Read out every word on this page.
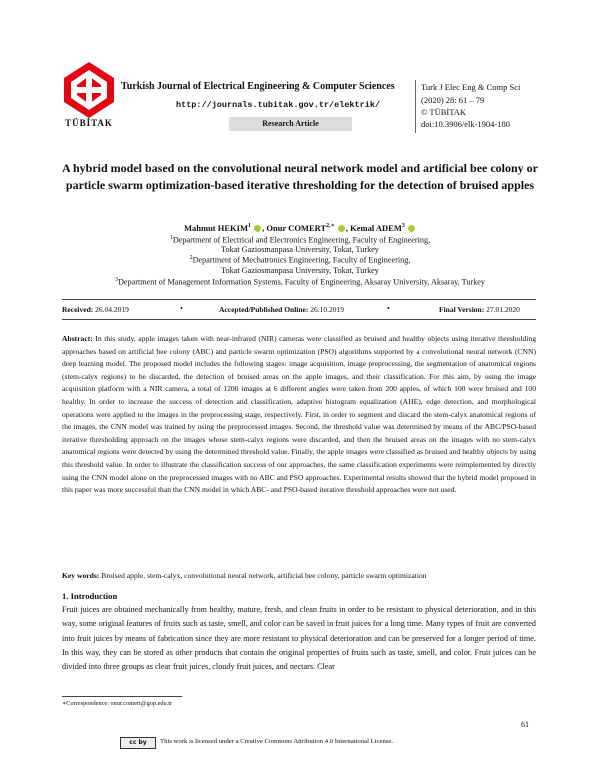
TÜBİTAK
Turkish Journal of Electrical Engineering & Computer Sciences
http://journals.tubitak.gov.tr/elektrik/
Research Article
Turk J Elec Eng & Comp Sci
(2020) 28: 61 – 79
© TÜBİTAK
doi:10.3906/elk-1904-180
A hybrid model based on the convolutional neural network model and artificial bee colony or particle swarm optimization-based iterative thresholding for the detection of bruised apples
Mahmut HEKIM$^1$ , Onur $COMERT^{2,∗}$ , Kemal ADEM$^3$
$^1$Department of Electrical and Electronics Engineering, Faculty of Engineering,
Tokat Gaziosmanpasa University, Tokat, Turkey
$^2$Department of Mechatronics Engineering, Faculty of Engineering,
Tokat Gaziosmanpasa University, Tokat, Turkey
$^3$Department of Management Information Systems, Faculty of Engineering, Aksaray University, Aksaray, Turkey
Received: 26.04.2019	•	Accepted/Published Online: 26.10.2019	•	Final Version: 27.01.2020
Abstract: In this study, apple images taken with near-infrared (NIR) cameras were classified as bruised and healthy objects using iterative thresholding approaches based on artificial bee colony (ABC) and particle swarm optimization (PSO) algorithms supported by a convolutional neural network (CNN) deep learning model. The proposed model includes the following stages: image acquisition, image preprocessing, the segmentation of anatomical regions (stem-calyx regions) to be discarded, the detection of bruised areas on the apple images, and their classification. For this aim, by using the image acquisition platform with a NIR camera, a total of 1200 images at 6 different angles were taken from 200 apples, of which 100 were bruised and 100 healthy. In order to increase the success of detection and classification, adaptive histogram equalization (AHE), edge detection, and morphological operations were applied to the images in the preprocessing stage, respectively. First, in order to segment and discard the stem-calyx anatomical regions of the images, the CNN model was trained by using the preprocessed images. Second, the threshold value was determined by means of the ABC/PSO-based iterative thresholding approach on the images whose stem-calyx regions were discarded, and then the bruised areas on the images with no stem-calyx anatomical regions were detected by using the determined threshold value. Finally, the apple images were classified as bruised and healthy objects by using this threshold value. In order to illustrate the classification success of our approaches, the same classification experiments were reimplemented by directly using the CNN model alone on the preprocessed images with no ABC and PSO approaches. Experimental results showed that the hybrid model proposed in this paper was more successful than the CNN model in which ABC- and PSO-based iterative threshold approaches were not used.
Key words: Bruised apple, stem-calyx, convolutional neural network, artificial bee colony, particle swarm optimization
1. Introduction
Fruit juices are obtained mechanically from healthy, mature, fresh, and clean fruits in order to be resistant to physical deterioration, and in this way, some original features of fruits such as taste, smell, and color can be saved in fruit juices for a long time. Many types of fruit are converted into fruit juices by means of fabrication since they are more resistant to physical deterioration and can be preserved for a longer period of time. In this way, they can be stored as other products that contain the original properties of fruits such as taste, smell, and color. Fruit juices can be divided into three groups as clear fruit juices, cloudy fruit juices, and nectars. Clear
∗Correspondence: onur.comert@gop.edu.tr
61
cc by	This work is licensed under a Creative Commons Attribution 4.0 International License.
